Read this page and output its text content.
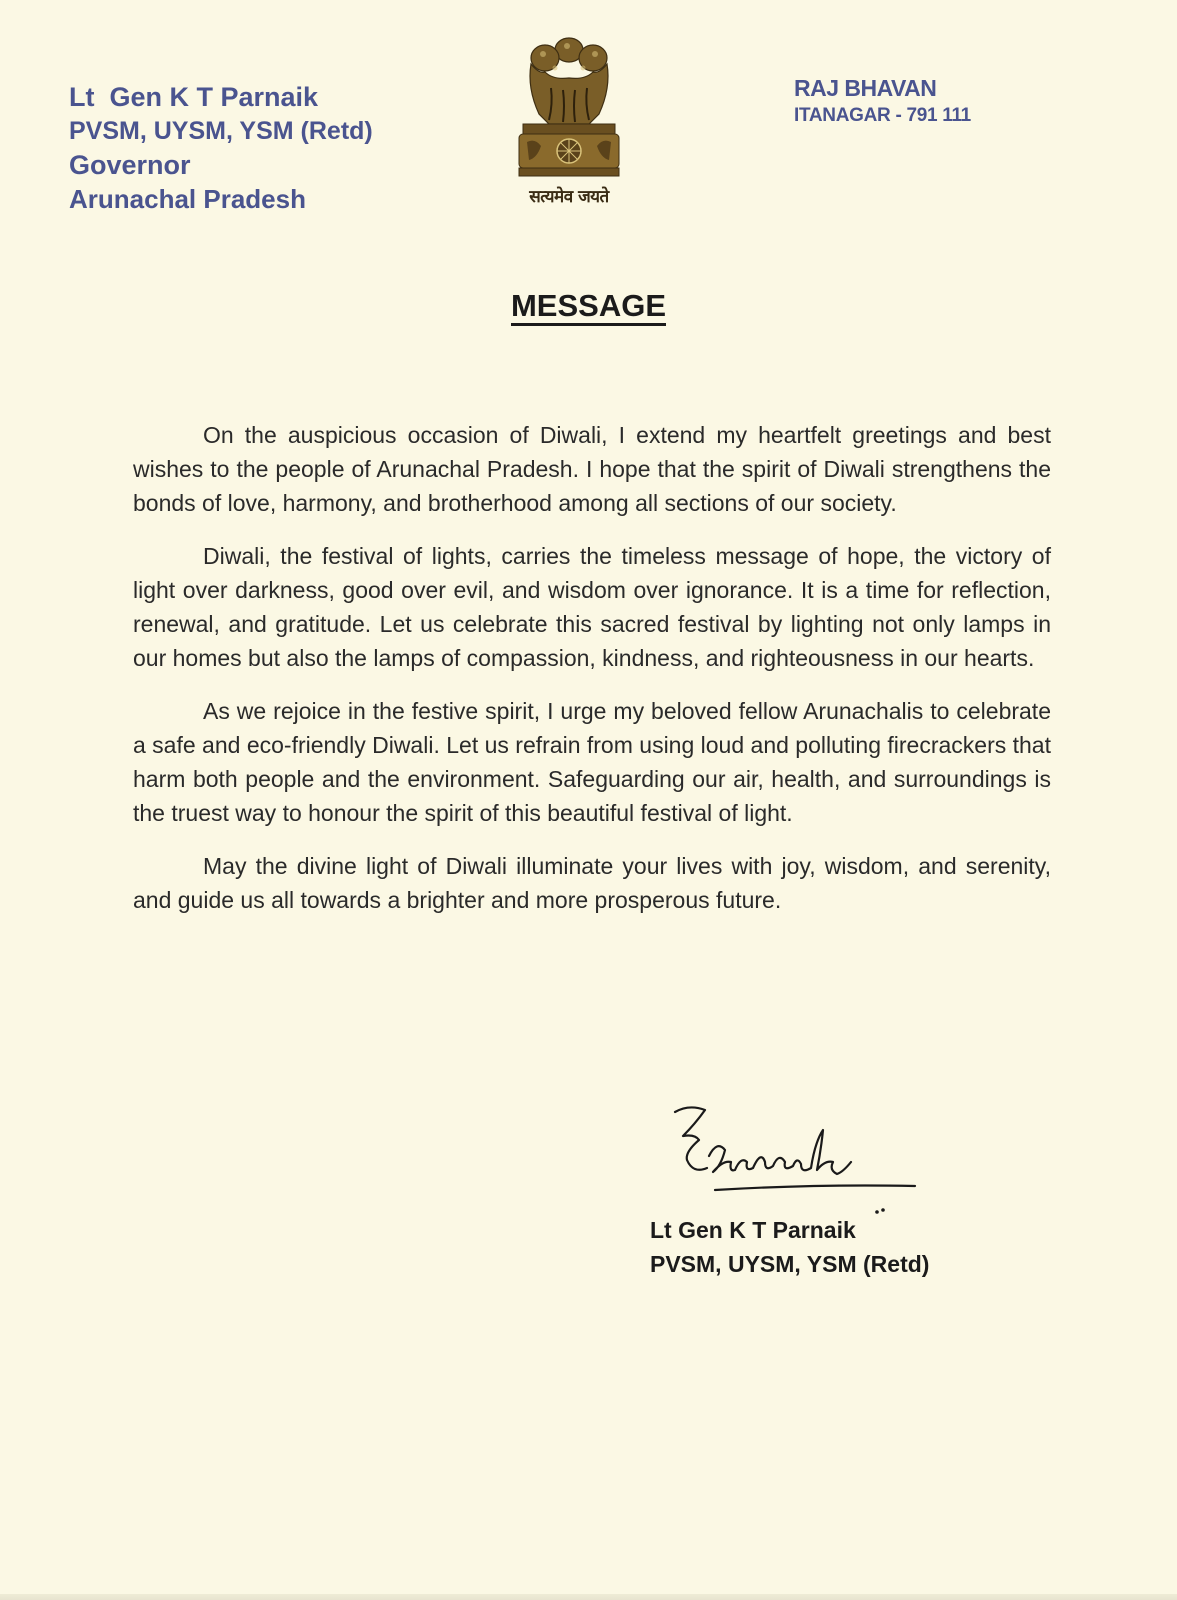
Lt  Gen K T Parnaik
PVSM, UYSM, YSM (Retd)
Governor
Arunachal Pradesh	सत्यमेव जयते
RAJ BHAVAN
ITANAGAR - 791 111
MESSAGE

On the auspicious occasion of Diwali, I extend my heartfelt greetings and best wishes to the people of Arunachal Pradesh. I hope that the spirit of Diwali strengthens the bonds of love, harmony, and brotherhood among all sections of our society.

Diwali, the festival of lights, carries the timeless message of hope, the victory of light over darkness, good over evil, and wisdom over ignorance. It is a time for reflection, renewal, and gratitude. Let us celebrate this sacred festival by lighting not only lamps in our homes but also the lamps of compassion, kindness, and righteousness in our hearts.

As we rejoice in the festive spirit, I urge my beloved fellow Arunachalis to celebrate a safe and eco-friendly Diwali. Let us refrain from using loud and polluting firecrackers that harm both people and the environment. Safeguarding our air, health, and surroundings is the truest way to honour the spirit of this beautiful festival of light.

May the divine light of Diwali illuminate your lives with joy, wisdom, and serenity, and guide us all towards a brighter and more prosperous future.

Lt Gen K T Parnaik
PVSM, UYSM, YSM (Retd)
